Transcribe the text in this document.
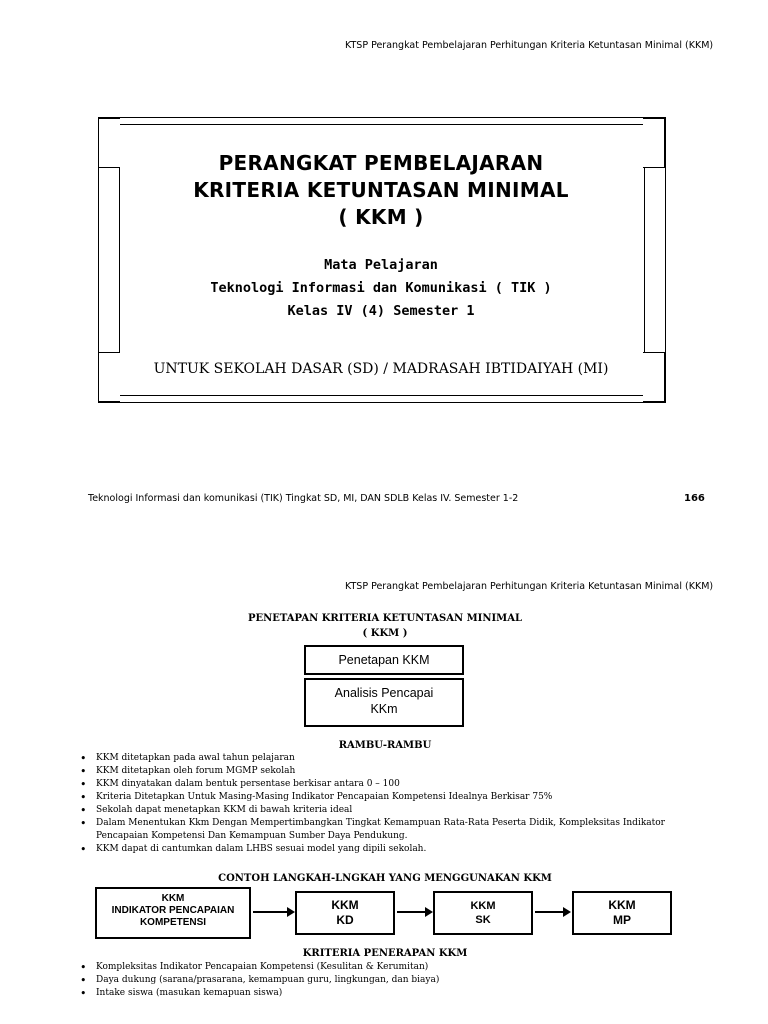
KTSP Perangkat Pembelajaran Perhitungan Kriteria Ketuntasan Minimal (KKM)
PERANGKAT PEMBELAJARAN
KRITERIA KETUNTASAN MINIMAL
( KKM )
Mata Pelajaran
Teknologi Informasi dan Komunikasi ( TIK )
Kelas IV (4) Semester 1
UNTUK SEKOLAH DASAR (SD) / MADRASAH IBTIDAIYAH (MI)
Teknologi Informasi dan komunikasi (TIK) Tingkat SD, MI, DAN SDLB Kelas IV. Semester 1-2	166
KTSP Perangkat Pembelajaran Perhitungan Kriteria Ketuntasan Minimal (KKM)
PENETAPAN KRITERIA KETUNTASAN MINIMAL
( KKM )
Penetapan KKM
Analisis Pencapai
KKm
RAMBU-RAMBU
• KKM ditetapkan pada awal tahun pelajaran
• KKM ditetapkan oleh forum MGMP sekolah
• KKM dinyatakan dalam bentuk persentase berkisar antara 0 – 100
• Kriteria Ditetapkan Untuk Masing-Masing Indikator Pencapaian Kompetensi Idealnya Berkisar 75%
• Sekolah dapat menetapkan KKM di bawah kriteria ideal
• Dalam Menentukan Kkm Dengan Mempertimbangkan Tingkat Kemampuan Rata-Rata Peserta Didik, Kompleksitas Indikator Pencapaian Kompetensi Dan Kemampuan Sumber Daya Pendukung.
• KKM dapat di cantumkan dalam LHBS sesuai model yang dipili sekolah.
CONTOH LANGKAH-LNGKAH YANG MENGGUNAKAN KKM
KKM
INDIKATOR PENCAPAIAN
KOMPETENSI
KKM
KD
KKM
SK
KKM
MP
KRITERIA PENERAPAN KKM
• Kompleksitas Indikator Pencapaian Kompetensi (Kesulitan & Kerumitan)
• Daya dukung (sarana/prasarana, kemampuan guru, lingkungan, dan biaya)
• Intake siswa (masukan kemapuan siswa)
